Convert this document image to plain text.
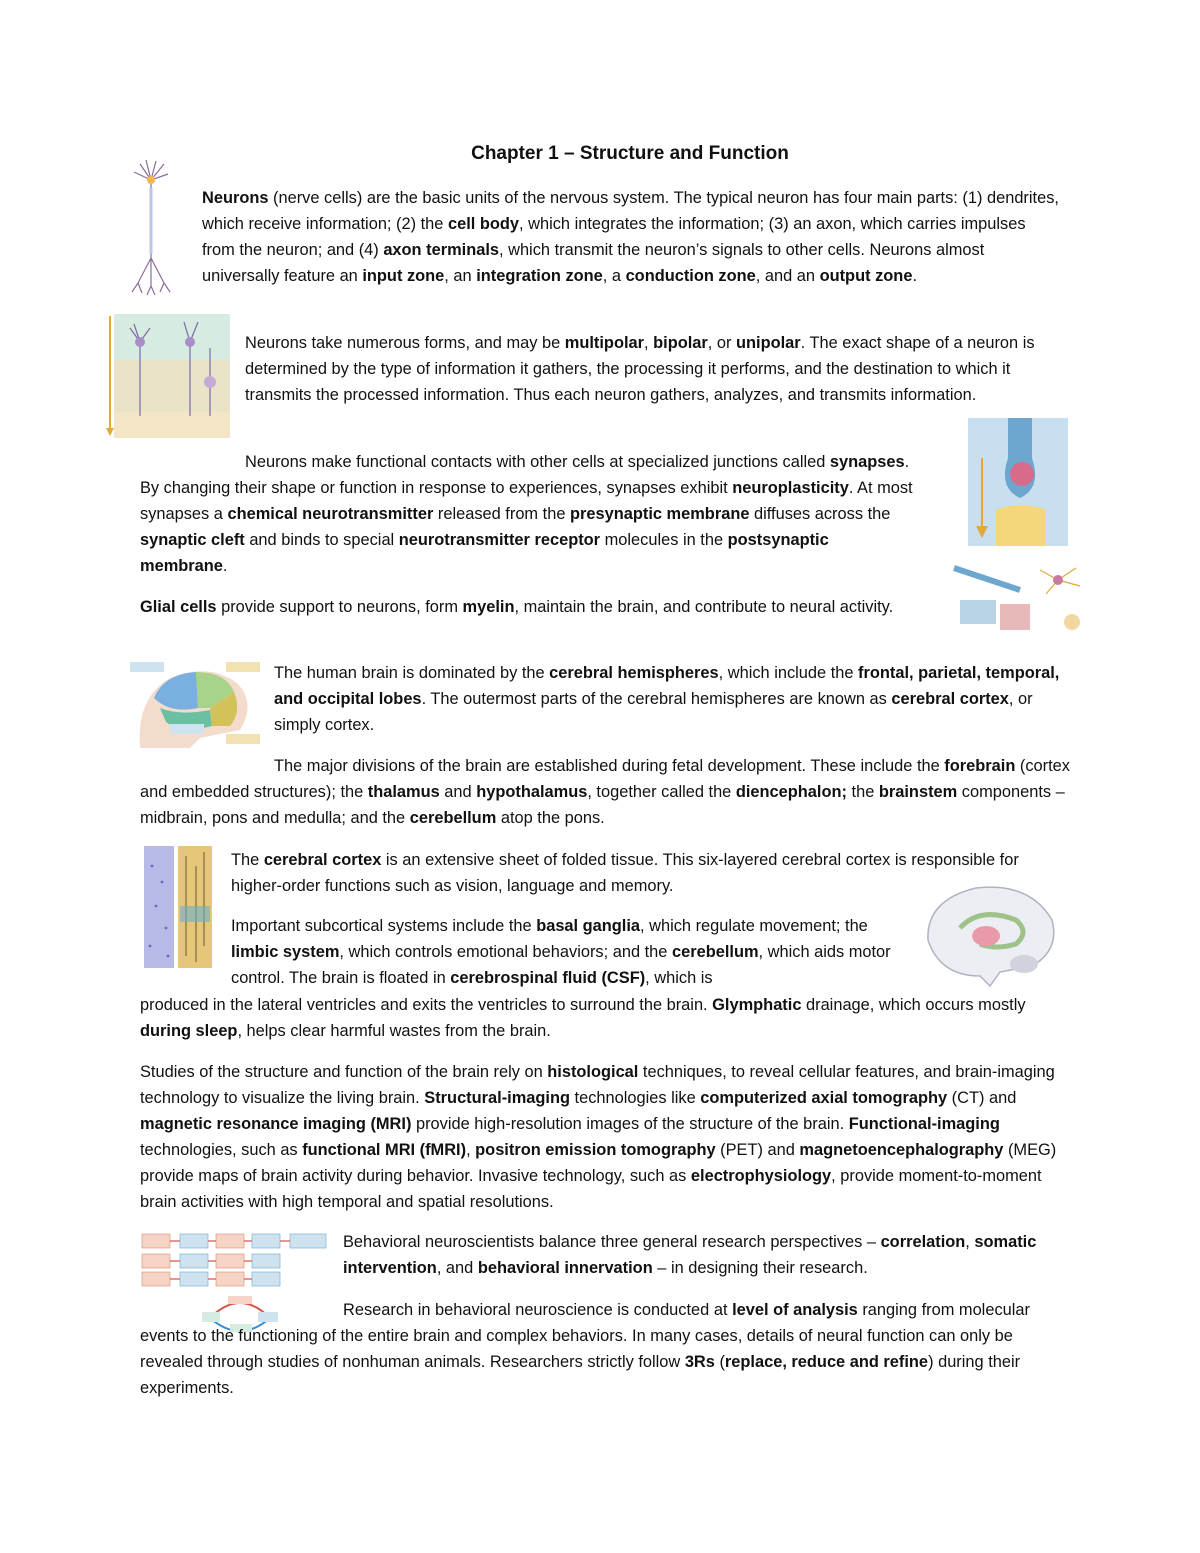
Chapter 1 – Structure and Function

Neurons (nerve cells) are the basic units of the nervous system. The typical neuron has four main parts: (1) dendrites, which receive information; (2) the cell body, which integrates the information; (3) an axon, which carries impulses from the neuron; and (4) axon terminals, which transmit the neuron’s signals to other cells. Neurons almost universally feature an input zone, an integration zone, a conduction zone, and an output zone.

Neurons take numerous forms, and may be multipolar, bipolar, or unipolar. The exact shape of a neuron is determined by the type of information it gathers, the processing it performs, and the destination to which it transmits the processed information. Thus each neuron gathers, analyzes, and transmits information.

Neurons make functional contacts with other cells at specialized junctions called synapses. By changing their shape or function in response to experiences, synapses exhibit neuroplasticity. At most synapses a chemical neurotransmitter released from the presynaptic membrane diffuses across the synaptic cleft and binds to special neurotransmitter receptor molecules in the postsynaptic membrane.

Glial cells provide support to neurons, form myelin, maintain the brain, and contribute to neural activity.

The human brain is dominated by the cerebral hemispheres, which include the frontal, parietal, temporal, and occipital lobes. The outermost parts of the cerebral hemispheres are known as cerebral cortex, or simply cortex.

The major divisions of the brain are established during fetal development. These include the forebrain (cortex and embedded structures); the thalamus and hypothalamus, together called the diencephalon; the brainstem components – midbrain, pons and medulla; and the cerebellum atop the pons.

The cerebral cortex is an extensive sheet of folded tissue. This six-layered cerebral cortex is responsible for higher-order functions such as vision, language and memory.

Important subcortical systems include the basal ganglia, which regulate movement; the limbic system, which controls emotional behaviors; and the cerebellum, which aids motor control. The brain is floated in cerebrospinal fluid (CSF), which is

produced in the lateral ventricles and exits the ventricles to surround the brain. Glymphatic drainage, which occurs mostly during sleep, helps clear harmful wastes from the brain.

Studies of the structure and function of the brain rely on histological techniques, to reveal cellular features, and brain-imaging technology to visualize the living brain. Structural-imaging technologies like computerized axial tomography (CT) and magnetic resonance imaging (MRI) provide high-resolution images of the structure of the brain. Functional-imaging technologies, such as functional MRI (fMRI), positron emission tomography (PET) and magnetoencephalography (MEG) provide maps of brain activity during behavior. Invasive technology, such as electrophysiology, provide moment-to-moment brain activities with high temporal and spatial resolutions.

Behavioral neuroscientists balance three general research perspectives – correlation, somatic intervention, and behavioral innervation – in designing their research.

Research in behavioral neuroscience is conducted at level of analysis ranging from molecular events to the functioning of the entire brain and complex behaviors. In many cases, details of neural function can only be revealed through studies of nonhuman animals. Researchers strictly follow 3Rs (replace, reduce and refine) during their experiments.
